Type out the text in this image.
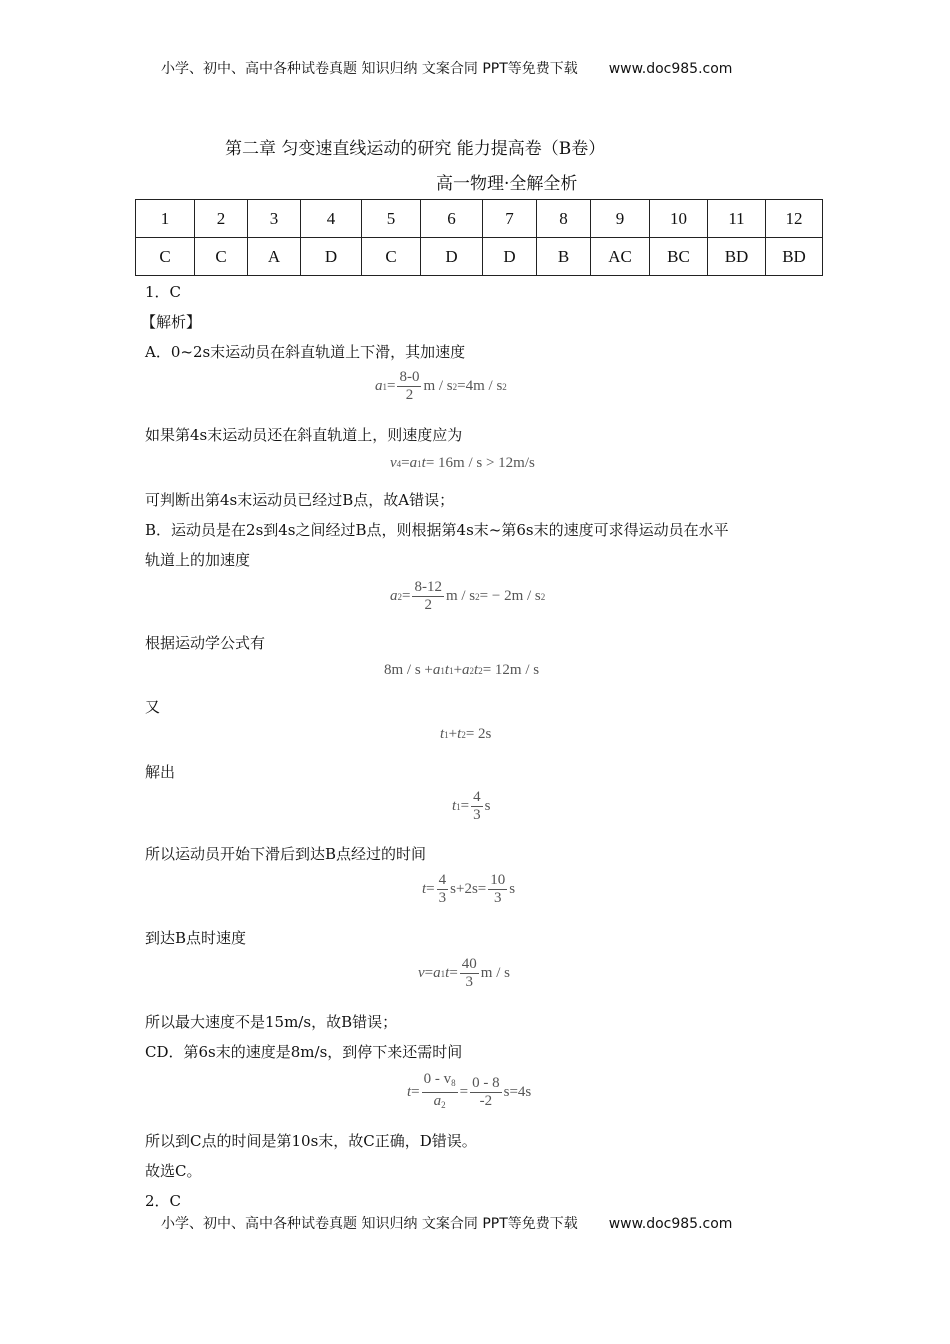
小学、初中、高中各种试卷真题 知识归纳 文案合同 PPT等免费下载 www.doc985.com
小学、初中、高中各种试卷真题 知识归纳 文案合同 PPT等免费下载 www.doc985.com
第二章 匀变速直线运动的研究 能力提高卷（B卷）
高一物理·全解全析
1	2	3	4	5	6	7	8	9	10	11	12
C	C	A	D	C	D	D	B	AC	BC	BD	BD
1．C
【解析】
A．0~2s末运动员在斜直轨道上下滑，其加速度
a $1 = \frac{8-0}{2}$ m / s 2 =4m / s 2
如果第4s末运动员还在斜直轨道上，则速度应为
v 4 = a 1 t = 16m / s > 12m/s
可判断出第4s末运动员已经过B点，故A错误；
B．运动员是在2s到4s之间经过B点，则根据第4s末~第6s末的速度可求得运动员在水平
轨道上的加速度
a $2 = \frac{8-12}{2}$ m / s 2 = − 2m / s 2
根据运动学公式有
8m / s + a 1 t 1 + a 2 t 2 = 12m / s
又
t 1 + t 2 = 2s
解出
t $1 = \frac{4}{3}$ s
所以运动员开始下滑后到达B点经过的时间
$t = \frac{4}{3} s+2s= \frac{10}{3}$ s
到达B点时速度
v = a 1 $t = \frac{40}{3}$ m / s
所以最大速度不是15m/s，故B错误；
CD．第6s末的速度是8m/s，到停下来还需时间
$t = \frac{0 - v_8}{a_2} = \frac{0 - 8}{-2} s=4s$
所以到C点的时间是第10s末，故C正确，D错误。
故选C。
2．C
